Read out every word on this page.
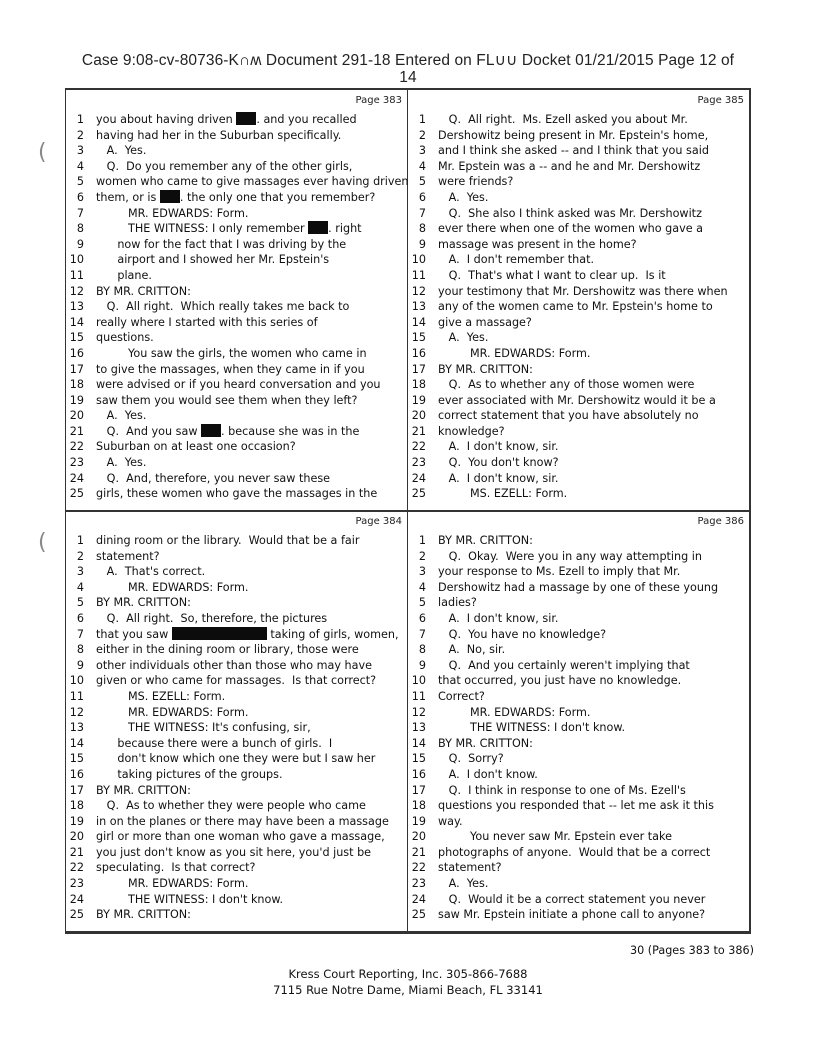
Case 9:08-cv-80736-K∩ʍ Document 291-18 Entered on FL∪∪ Docket 01/21/2015 Page 12 of
14
(
(
Page 383
1 you about having driven . and you recalled
2 having had her in the Suburban specifically.
3 A.  Yes.
4 Q.  Do you remember any of the other girls,
5 women who came to give massages ever having driven
6 them, or is . the only one that you remember?
7 MR. EDWARDS: Form.
8 THE WITNESS: I only remember . right
9 now for the fact that I was driving by the
10 airport and I showed her Mr. Epstein's
11 plane.
12 BY MR. CRITTON:
13 Q.  All right.  Which really takes me back to
14 really where I started with this series of
15 questions.
16 You saw the girls, the women who came in
17 to give the massages, when they came in if you
18 were advised or if you heard conversation and you
19 saw them you would see them when they left?
20 A.  Yes.
21 Q.  And you saw . because she was in the
22 Suburban on at least one occasion?
23 A.  Yes.
24 Q.  And, therefore, you never saw these
25 girls, these women who gave the massages in the
Page 385
1 Q.  All right.  Ms. Ezell asked you about Mr.
2 Dershowitz being present in Mr. Epstein's home,
3 and I think she asked -- and I think that you said
4 Mr. Epstein was a -- and he and Mr. Dershowitz
5 were friends?
6 A.  Yes.
7 Q.  She also I think asked was Mr. Dershowitz
8 ever there when one of the women who gave a
9 massage was present in the home?
10 A.  I don't remember that.
11 Q.  That's what I want to clear up.  Is it
12 your testimony that Mr. Dershowitz was there when
13 any of the women came to Mr. Epstein's home to
14 give a massage?
15 A.  Yes.
16 MR. EDWARDS: Form.
17 BY MR. CRITTON:
18 Q.  As to whether any of those women were
19 ever associated with Mr. Dershowitz would it be a
20 correct statement that you have absolutely no
21 knowledge?
22 A.  I don't know, sir.
23 Q.  You don't know?
24 A.  I don't know, sir.
25 MS. EZELL: Form.
Page 384
1 dining room or the library.  Would that be a fair
2 statement?
3 A.  That's correct.
4 MR. EDWARDS: Form.
5 BY MR. CRITTON:
6 Q.  All right.  So, therefore, the pictures
7 that you saw	taking of girls, women,
8 either in the dining room or library, those were
9 other individuals other than those who may have
10 given or who came for massages.  Is that correct?
11 MS. EZELL: Form.
12 MR. EDWARDS: Form.
13 THE WITNESS: It's confusing, sir,
14 because there were a bunch of girls.  I
15 don't know which one they were but I saw her
16 taking pictures of the groups.
17 BY MR. CRITTON:
18 Q.  As to whether they were people who came
19 in on the planes or there may have been a massage
20 girl or more than one woman who gave a massage,
21 you just don't know as you sit here, you'd just be
22 speculating.  Is that correct?
23 MR. EDWARDS: Form.
24 THE WITNESS: I don't know.
25 BY MR. CRITTON:
Page 386
1 BY MR. CRITTON:
2 Q.  Okay.  Were you in any way attempting in
3 your response to Ms. Ezell to imply that Mr.
4 Dershowitz had a massage by one of these young
5 ladies?
6 A.  I don't know, sir.
7 Q.  You have no knowledge?
8 A.  No, sir.
9 Q.  And you certainly weren't implying that
10 that occurred, you just have no knowledge.
11 Correct?
12 MR. EDWARDS: Form.
13 THE WITNESS: I don't know.
14 BY MR. CRITTON:
15 Q.  Sorry?
16 A.  I don't know.
17 Q.  I think in response to one of Ms. Ezell's
18 questions you responded that -- let me ask it this
19 way.
20 You never saw Mr. Epstein ever take
21 photographs of anyone.  Would that be a correct
22 statement?
23 A.  Yes.
24 Q.  Would it be a correct statement you never
25 saw Mr. Epstein initiate a phone call to anyone?
30 (Pages 383 to 386)
Kress Court Reporting, Inc. 305-866-7688
7115 Rue Notre Dame, Miami Beach, FL 33141
